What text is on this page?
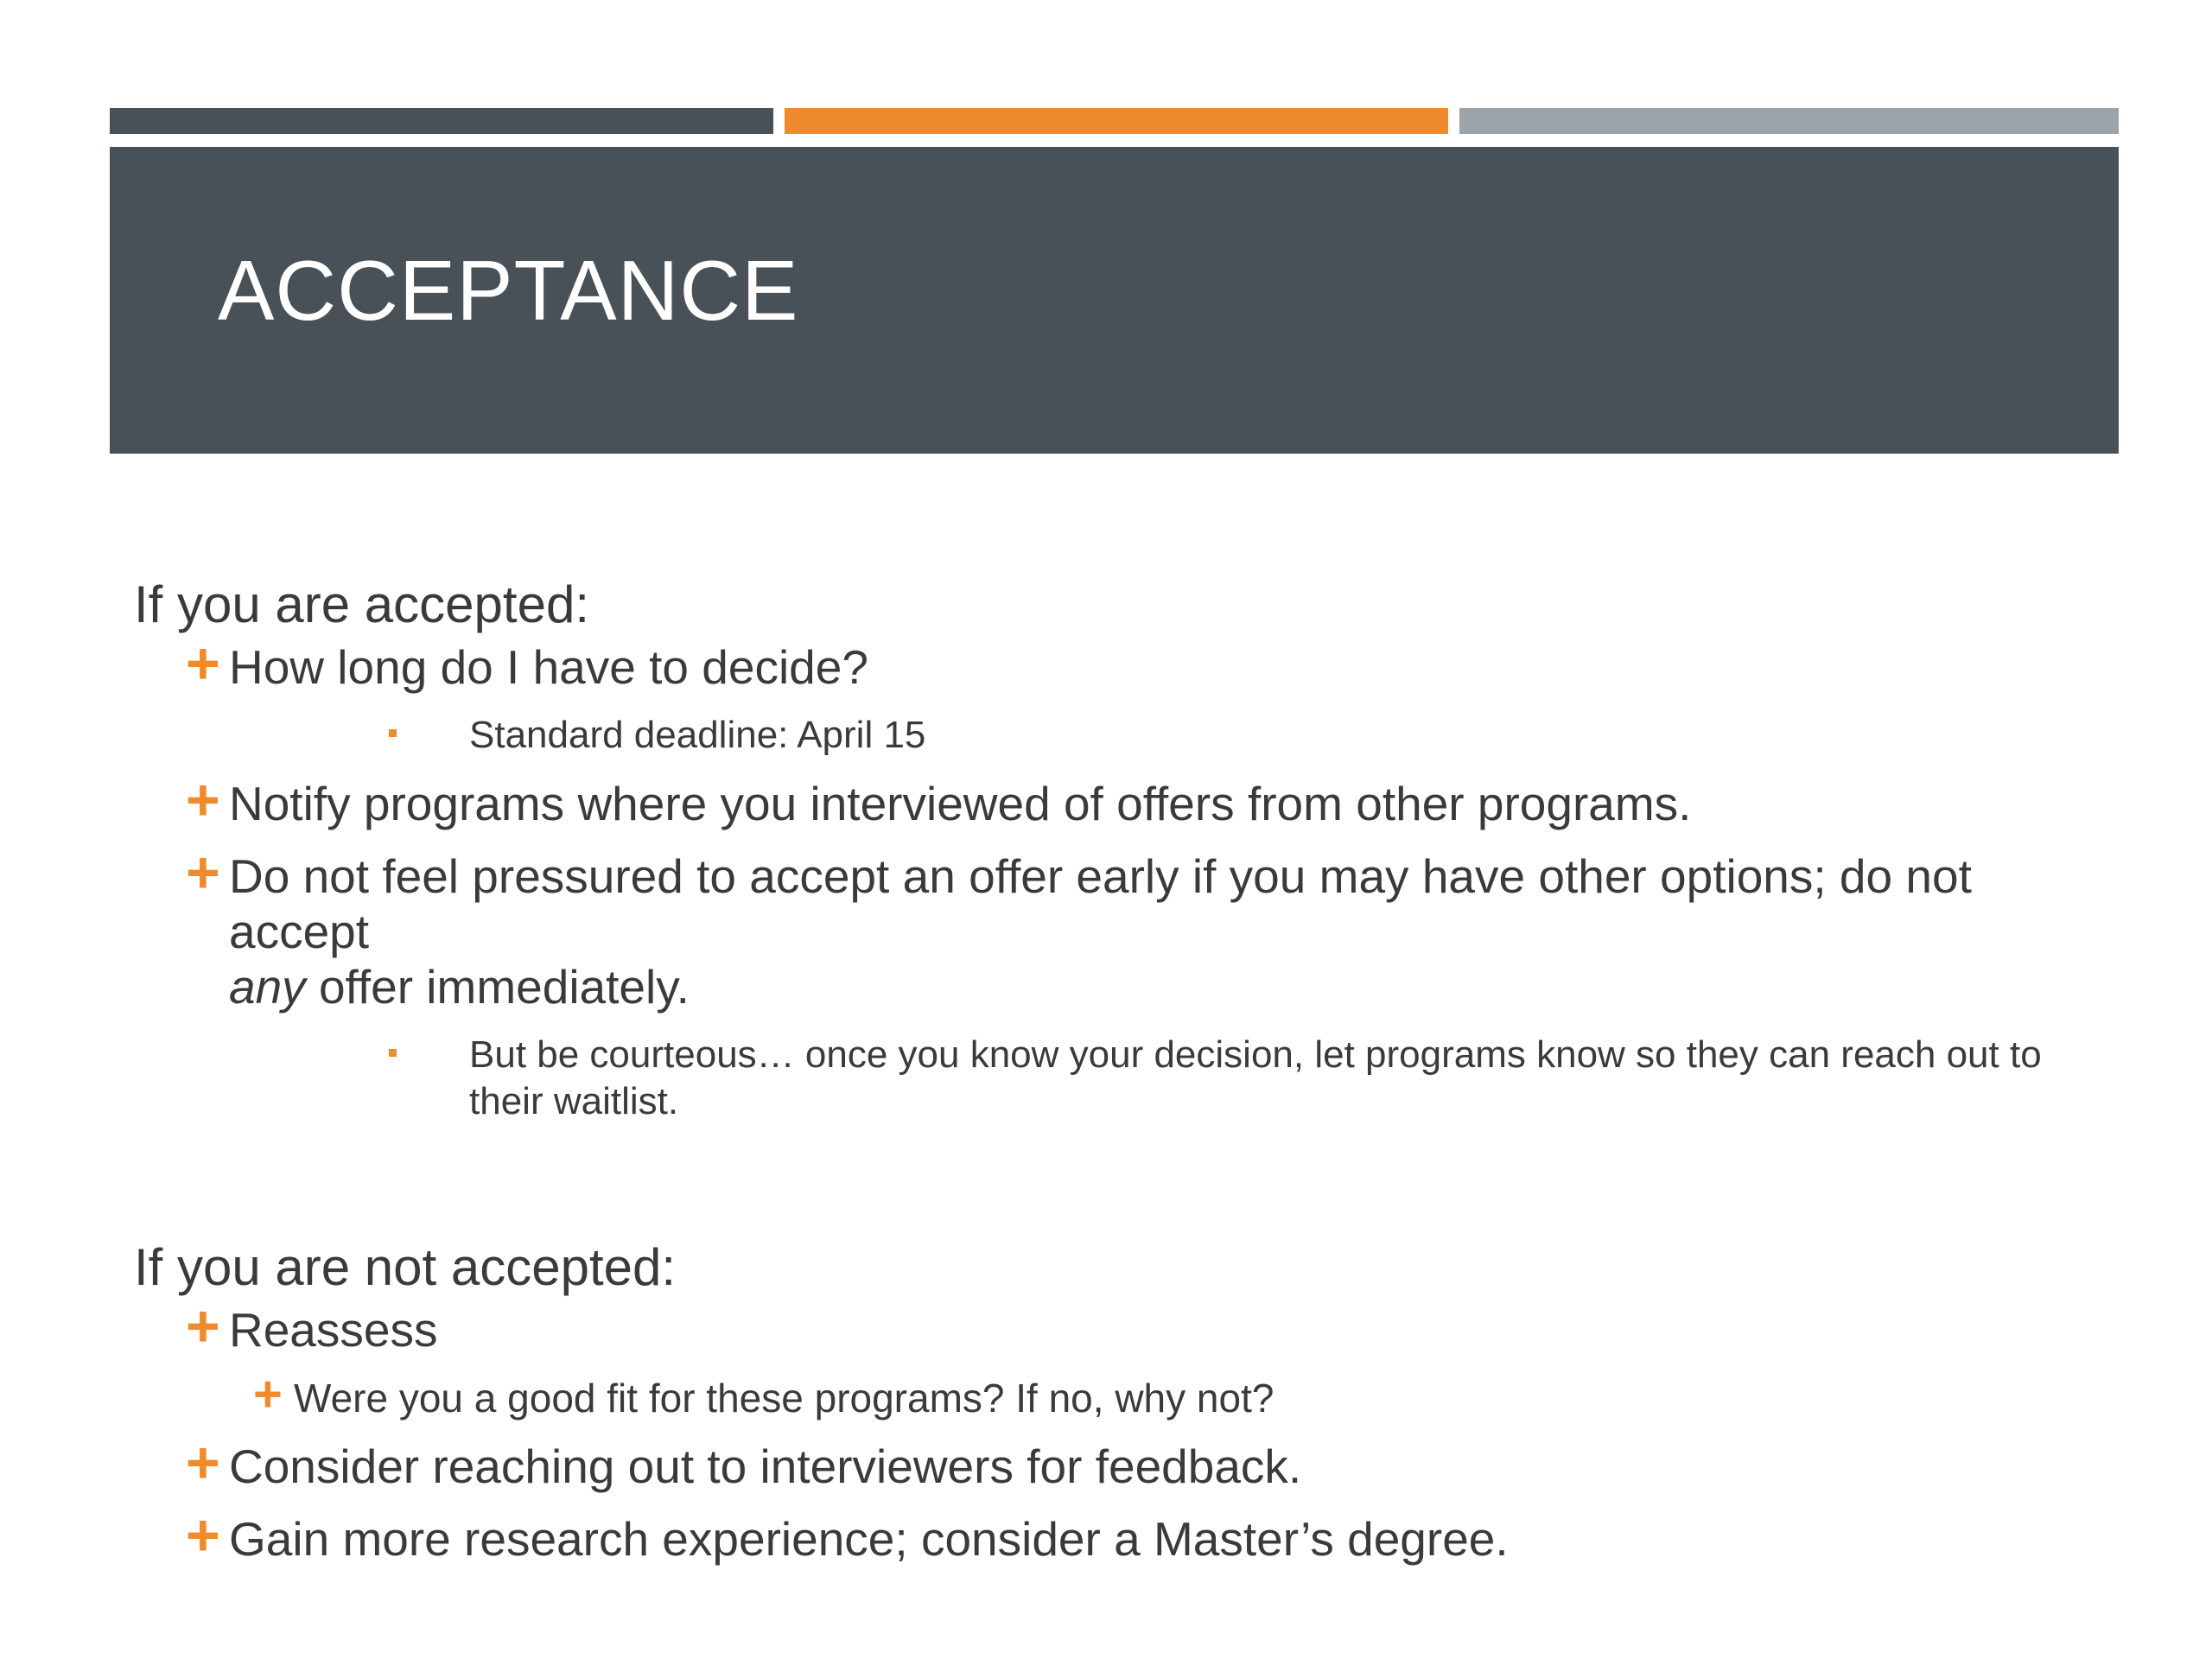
ACCEPTANCE

If you are accepted:

+ How long do I have to decide?
Standard deadline: April 15
+ Notify programs where you interviewed of offers from other programs.
+ Do not feel pressured to accept an offer early if you may have other options; do not accept
any offer immediately.
But be courteous… once you know your decision, let programs know so they can reach out to their waitlist.

If you are not accepted:

+ Reassess
+ Were you a good fit for these programs? If no, why not?
+ Consider reaching out to interviewers for feedback.
+ Gain more research experience; consider a Master’s degree.
